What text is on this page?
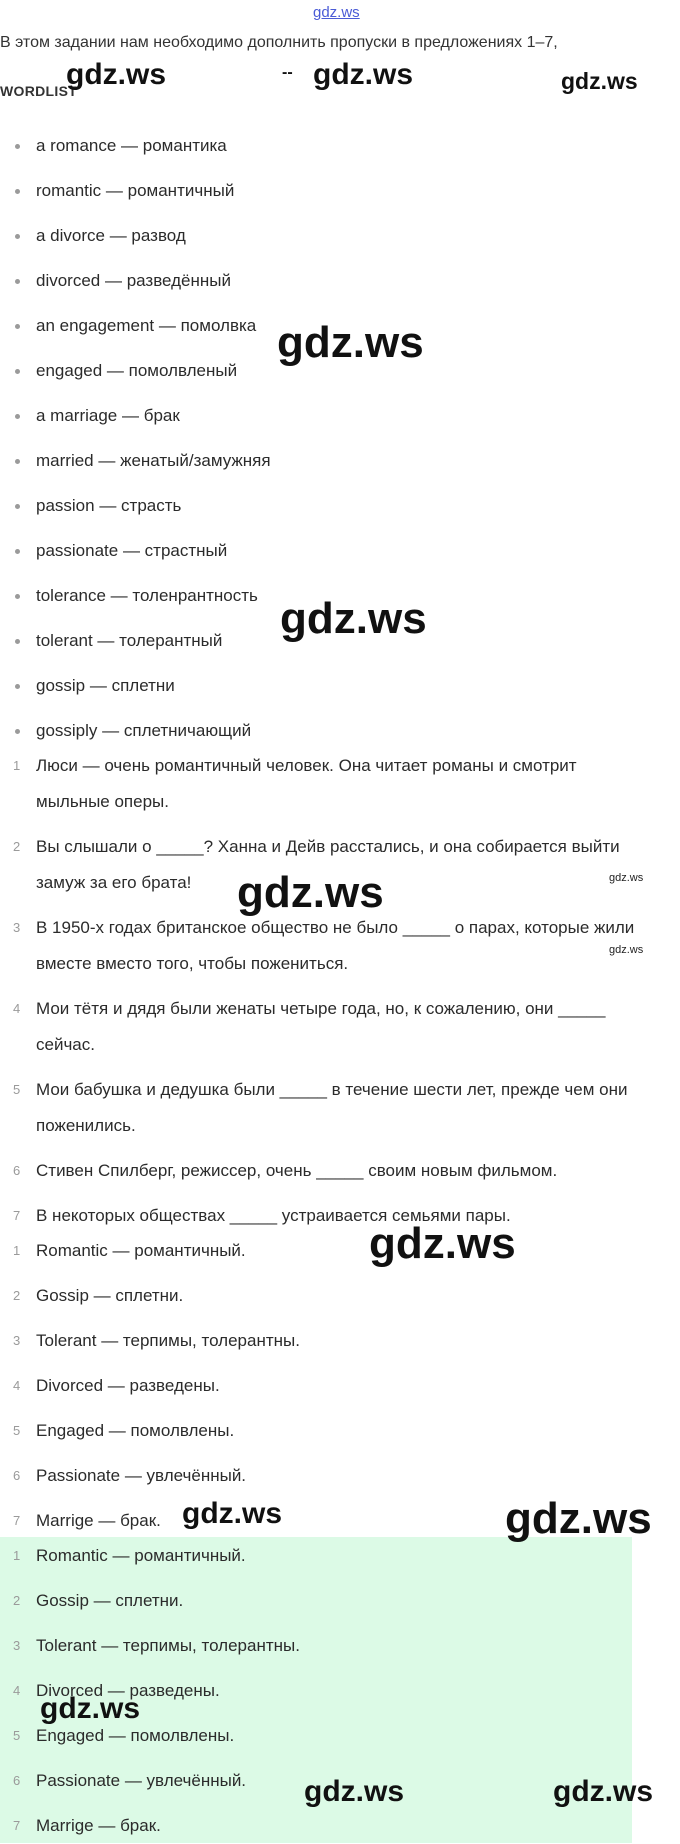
gdz.ws
В этом задании нам необходимо дополнить пропуски в предложениях 1–7,
WORDLIST
a romance — романтика
romantic — романтичный
a divorce — развод
divorced — разведённый
an engagement — помолвка
engaged — помолвленый
a marriage — брак
married — женатый/замужняя
passion — страсть
passionate — страстный
tolerance — толенрантность
tolerant — толерантный
gossip — сплетни
gossiply — сплетничающий
1 Люси — очень романтичный человек. Она читает романы и смотрит
мыльные оперы.
2 Вы слышали о _____? Ханна и Дейв расстались, и она собирается выйти
замуж за его брата!
3 В 1950-х годах британское общество не было _____ о парах, которые жили
вместе вместо того, чтобы пожениться.
4 Мои тётя и дядя были женаты четыре года, но, к сожалению, они _____
сейчас.
5 Мои бабушка и дедушка были _____ в течение шести лет, прежде чем они
поженились.
6 Стивен Спилберг, режиссер, очень _____ своим новым фильмом.
7 В некоторых обществах _____ устраивается семьями пары.
1 Romantic — романтичный.
2 Gossip — сплетни.
3 Tolerant — терпимы, толерантны.
4 Divorced — разведены.
5 Engaged — помолвлены.
6 Passionate — увлечённый.
7 Marrige — брак.
1 Romantic — романтичный.
2 Gossip — сплетни.
3 Tolerant — терпимы, толерантны.
4 Divorced — разведены.
5 Engaged — помолвлены.
6 Passionate — увлечённый.
7 Marrige — брак.
gdz.ws	-- gdz.ws	gdz.ws
gdz.ws
gdz.ws
gdz.ws	gdz.ws
gdz.ws
gdz.ws
gdz.ws	gdz.ws
gdz.ws
gdz.ws	gdz.ws
